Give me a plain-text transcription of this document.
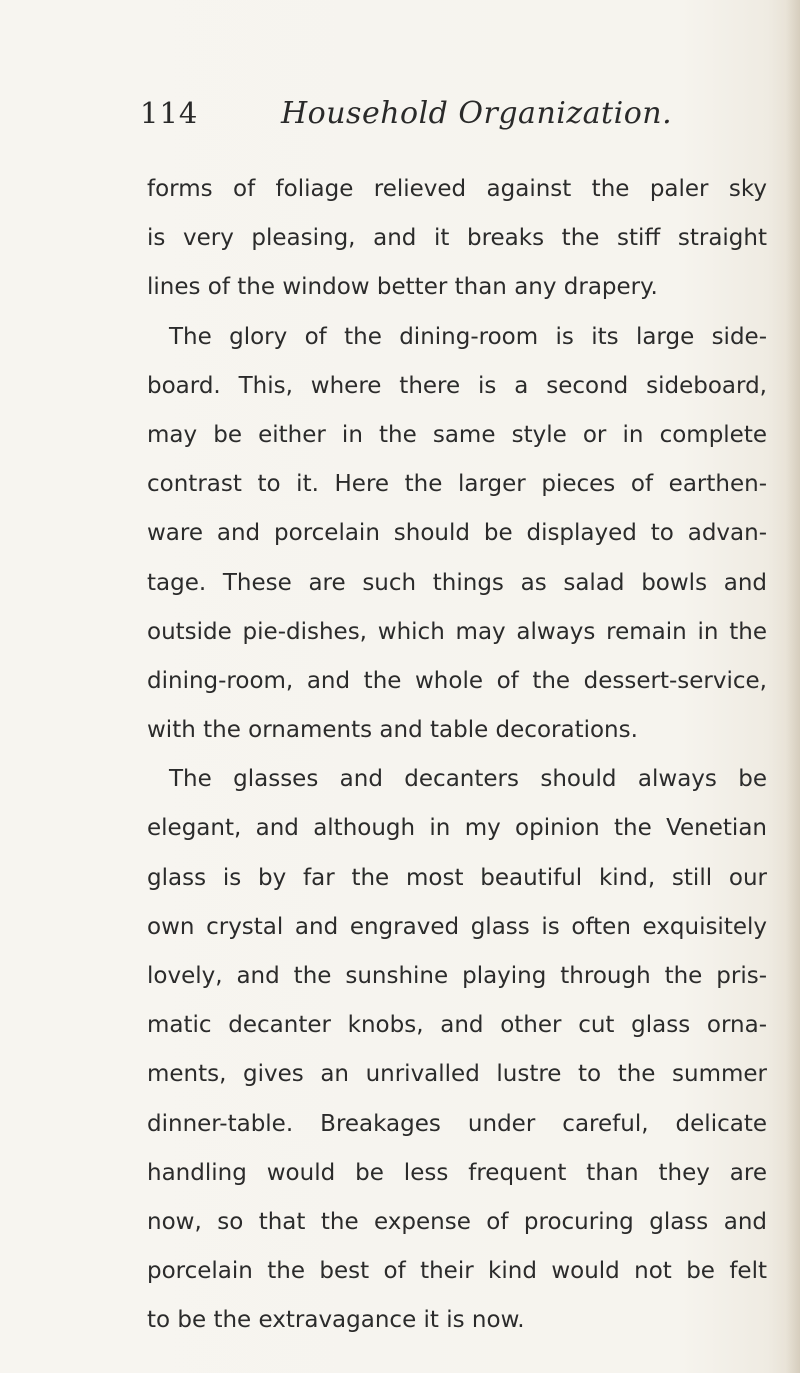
114	Household Organization.
forms of foliage relieved against the paler sky
is very pleasing, and it breaks the stiff straight
lines of the window better than any drapery.
The glory of the dining-room is its large side-
board. This, where there is a second sideboard,
may be either in the same style or in complete
contrast to it. Here the larger pieces of earthen-
ware and porcelain should be displayed to advan-
tage. These are such things as salad bowls and
outside pie-dishes, which may always remain in the
dining-room, and the whole of the dessert-service,
with the ornaments and table decorations.
The glasses and decanters should always be
elegant, and although in my opinion the Venetian
glass is by far the most beautiful kind, still our
own crystal and engraved glass is often exquisitely
lovely, and the sunshine playing through the pris-
matic decanter knobs, and other cut glass orna-
ments, gives an unrivalled lustre to the summer
dinner-table. Breakages under careful, delicate
handling would be less frequent than they are
now, so that the expense of procuring glass and
porcelain the best of their kind would not be felt
to be the extravagance it is now.
